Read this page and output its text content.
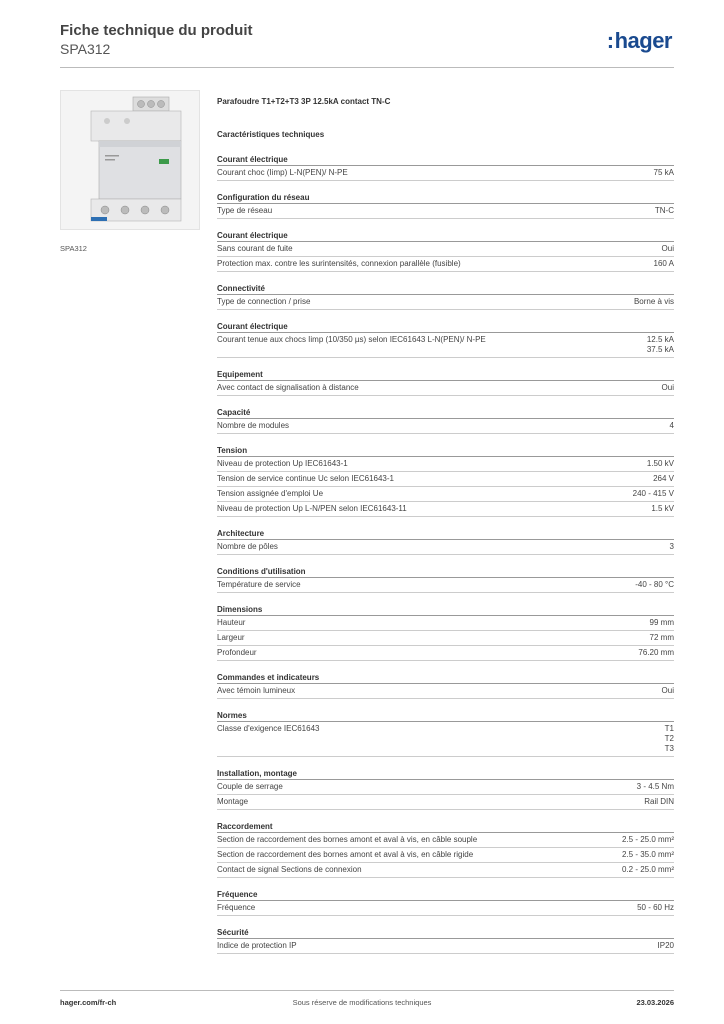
Fiche technique du produit
SPA312	:hager
SPA312
Parafoudre T1+T2+T3 3P 12.5kA contact TN-C
Caractéristiques techniques
Courant électrique
Courant choc (Iimp) L-N(PEN)/ N-PE	75 kA
Configuration du réseau
Type de réseau	TN-C
Courant électrique
Sans courant de fuite	Oui
Protection max. contre les surintensités, connexion parallèle (fusible)	160 A
Connectivité
Type de connection / prise	Borne à vis
Courant électrique
Courant tenue aux chocs Iimp (10/350 µs) selon IEC61643 L-N(PEN)/ N-PE	12.5 kA
37.5 kA
Equipement
Avec contact de signalisation à distance	Oui
Capacité
Nombre de modules	4
Tension
Niveau de protection Up IEC61643-1	1.50 kV
Tension de service continue Uc selon IEC61643-1	264 V
Tension assignée d'emploi Ue	240 - 415 V
Niveau de protection Up L-N/PEN selon IEC61643-11	1.5 kV
Architecture
Nombre de pôles	3
Conditions d'utilisation
Température de service	-40 - 80 °C
Dimensions
Hauteur	99 mm
Largeur	72 mm
Profondeur	76.20 mm
Commandes et indicateurs
Avec témoin lumineux	Oui
Normes
Classe d'exigence IEC61643	T1
T2
T3
Installation, montage
Couple de serrage	3 - 4.5 Nm
Montage	Rail DIN
Raccordement
Section de raccordement des bornes amont et aval à vis, en câble souple	2.5 - 25.0 mm²
Section de raccordement des bornes amont et aval à vis, en câble rigide	2.5 - 35.0 mm²
Contact de signal Sections de connexion	0.2 - 25.0 mm²
Fréquence
Fréquence	50 - 60 Hz
Sécurité
Indice de protection IP	IP20
hager.com/fr-ch	Sous réserve de modifications techniques	23.03.2026
